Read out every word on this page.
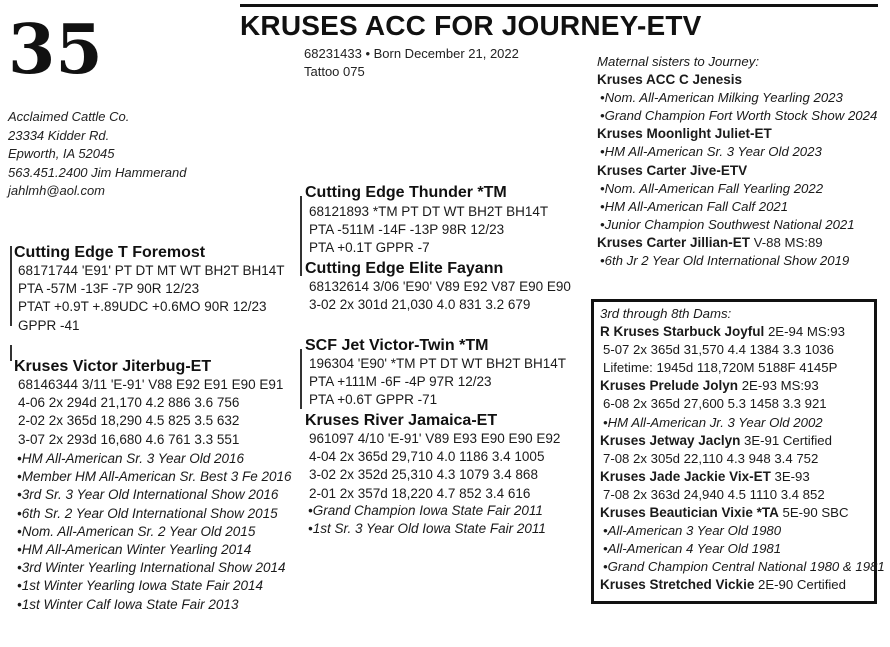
35	KRUSES ACC FOR JOURNEY-ETV
68231433 • Born December 21, 2022
Tattoo 075
Acclaimed Cattle Co.
23334 Kidder Rd.
Epworth, IA 52045
563.451.2400 Jim Hammerand
jahlmh@aol.com
Cutting Edge T Foremost
68171744 'E91' PT DT MT WT BH2T BH14T
PTA -57M -13F -7P 90R 12/23
PTAT +0.9T +.89UDC +0.6MO 90R 12/23
GPPR -41
Kruses Victor Jiterbug-ET
68146344 3/11 'E-91' V88 E92 E91 E90 E91
4-06 2x 294d 21,170 4.2 886 3.6 756
2-02 2x 365d 18,290 4.5 825 3.5 632
3-07 2x 293d 16,680 4.6 761 3.3 551
•HM All-American Sr. 3 Year Old 2016
•Member HM All-American Sr. Best 3 Fe 2016
•3rd Sr. 3 Year Old International Show 2016
•6th Sr. 2 Year Old International Show 2015
•Nom. All-American Sr. 2 Year Old 2015
•HM All-American Winter Yearling 2014
•3rd Winter Yearling International Show 2014
•1st Winter Yearling Iowa State Fair 2014
•1st Winter Calf Iowa State Fair 2013
Cutting Edge Thunder *TM
68121893 *TM PT DT WT BH2T BH14T
PTA -511M -14F -13P 98R 12/23
PTA +0.1T GPPR -7
Cutting Edge Elite Fayann
68132614 3/06 'E90' V89 E92 V87 E90 E90
3-02 2x 301d 21,030 4.0 831 3.2 679
SCF Jet Victor-Twin *TM
196304 'E90' *TM PT DT WT BH2T BH14T
PTA +111M -6F -4P 97R 12/23
PTA +0.6T GPPR -71
Kruses River Jamaica-ET
961097 4/10 'E-91' V89 E93 E90 E90 E92
4-04 2x 365d 29,710 4.0 1186 3.4 1005
3-02 2x 352d 25,310 4.3 1079 3.4 868
2-01 2x 357d 18,220 4.7 852 3.4 616
•Grand Champion Iowa State Fair 2011
•1st Sr. 3 Year Old Iowa State Fair 2011
Maternal sisters to Journey:
Kruses ACC C Jenesis
•Nom. All-American Milking Yearling 2023
•Grand Champion Fort Worth Stock Show 2024
Kruses Moonlight Juliet-ET
•HM All-American Sr. 3 Year Old 2023
Kruses Carter Jive-ETV
•Nom. All-American Fall Yearling 2022
•HM All-American Fall Calf 2021
•Junior Champion Southwest National 2021
Kruses Carter Jillian-ET V-88 MS:89
•6th Jr 2 Year Old International Show 2019
3rd through 8th Dams:
R Kruses Starbuck Joyful 2E-94 MS:93
5-07 2x 365d 31,570 4.4 1384 3.3 1036
Lifetime: 1945d 118,720M 5188F 4145P
Kruses Prelude Jolyn 2E-93 MS:93
6-08 2x 365d 27,600 5.3 1458 3.3 921
•HM All-American Jr. 3 Year Old 2002
Kruses Jetway Jaclyn 3E-91 Certified
7-08 2x 305d 22,110 4.3 948 3.4 752
Kruses Jade Jackie Vix-ET 3E-93
7-08 2x 363d 24,940 4.5 1110 3.4 852
Kruses Beautician Vixie *TA 5E-90 SBC
•All-American 3 Year Old 1980
•All-American 4 Year Old 1981
•Grand Champion Central National 1980 & 1981
Kruses Stretched Vickie 2E-90 Certified
